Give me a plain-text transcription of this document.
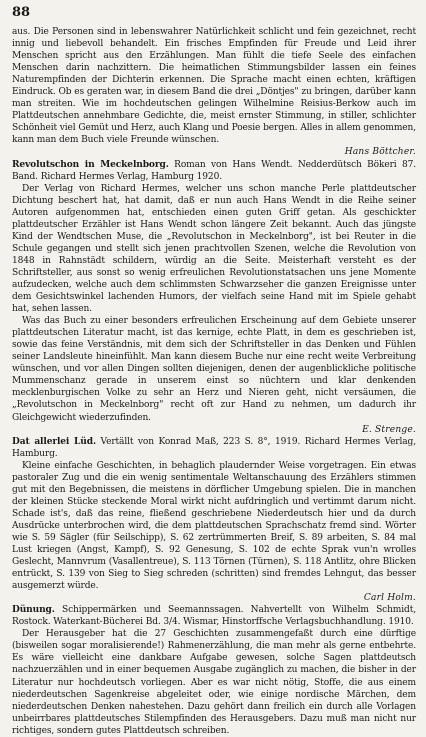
88

aus. Die Personen sind in lebenswahrer Natürlichkeit schlicht und fein gezeichnet, recht innig und liebevoll behandelt. Ein frisches Empfinden für Freude und Leid ihrer Menschen spricht aus den Erzählungen. Man fühlt die tiefe Seele des einfachen Menschen darin nachzittern. Die heimatlichen Stimmungsbilder lassen ein feines Naturempfinden der Dichterin erkennen. Die Sprache macht einen echten, kräftigen Eindruck. Ob es geraten war, in diesem Band die drei „Döntjes" zu bringen, darüber kann man streiten. Wie im hochdeutschen gelingen Wilhelmine Reisius-Berkow auch im Plattdeutschen annehmbare Gedichte, die, meist ernster Stimmung, in stiller, schlichter Schönheit viel Gemüt und Herz, auch Klang und Poesie bergen. Alles in allem genommen, kann man dem Buch viele Freunde wünschen.

Hans Böttcher.

Revolutschon in Meckelnborg. Roman von Hans Wendt. Nedderdütsch Bökeri 87. Band. Richard Hermes Verlag, Hamburg 1920.

Der Verlag von Richard Hermes, welcher uns schon manche Perle plattdeutscher Dichtung beschert hat, hat damit, daß er nun auch Hans Wendt in die Reihe seiner Autoren aufgenommen hat, entschieden einen guten Griff getan. Als geschickter plattdeutscher Erzähler ist Hans Wendt schon längere Zeit bekannt. Auch das jüngste Kind der Wendtschen Muse, die „Revolutschon in Meckelnborg", ist bei Reuter in die Schule gegangen und stellt sich jenen prachtvollen Szenen, welche die Revolution von 1848 in Rahnstädt schildern, würdig an die Seite. Meisterhaft versteht es der Schriftsteller, aus sonst so wenig erfreulichen Revolutionstatsachen uns jene Momente aufzudecken, welche auch dem schlimmsten Schwarzseher die ganzen Ereignisse unter dem Gesichtswinkel lachenden Humors, der vielfach seine Hand mit im Spiele gehabt hat, sehen lassen.

Was das Buch zu einer besonders erfreulichen Erscheinung auf dem Gebiete unserer plattdeutschen Literatur macht, ist das kernige, echte Platt, in dem es geschrieben ist, sowie das feine Verständnis, mit dem sich der Schriftsteller in das Denken und Fühlen seiner Landsleute hineinfühlt. Man kann diesem Buche nur eine recht weite Verbreitung wünschen, und vor allen Dingen sollten diejenigen, denen der augenblickliche politische Mummenschanz gerade in unserem einst so nüchtern und klar denkenden mecklenburgischen Volke zu sehr an Herz und Nieren geht, nicht versäumen, die „Revolutschon in Meckelnborg" recht oft zur Hand zu nehmen, um dadurch ihr Gleichgewicht wiederzufinden.

E. Strenge.

Dat allerlei Lüd. Vertällt von Konrad Maß, 223 S. 8°, 1919. Richard Hermes Verlag, Hamburg.

Kleine einfache Geschichten, in behaglich plaudernder Weise vorgetragen. Ein etwas pastoraler Zug und die ein wenig sentimentale Weltanschauung des Erzählers stimmen gut mit den Begebnissen, die meistens in dörflicher Umgebung spielen. Die in manchen der kleinen Stücke steckende Moral wirkt nicht aufdringlich und vertimmt darum nicht. Schade ist's, daß das reine, fließend geschriebene Niederdeutsch hier und da durch Ausdrücke unterbrochen wird, die dem plattdeutschen Sprachschatz fremd sind. Wörter wie S. 59 Sägler (für Seilschipp), S. 62 zertrümmerten Breif, S. 89 arbeiten, S. 84 mal Lust kriegen (Angst, Kampf), S. 92 Genesung, S. 102 de echte Sprak vun'n wrolles Geslecht, Mannvrum (Vasallentreue), S. 113 Törnen (Türnen), S. 118 Antlitz, ohre Blicken entrückt, S. 139 von Sieg to Sieg schreden (schritten) sind fremdes Lehngut, das besser ausgemerzt würde.

Carl Holm.

Dünung. Schippermärken und Seemannssagen. Nahvertellt von Wilhelm Schmidt, Rostock. Waterkant-Bücherei Bd. 3/4. Wismar, Hinstorffsche Verlagsbuchhandlung. 1910.

Der Herausgeber hat die 27 Geschichten zusammengefaßt durch eine dürftige (bisweilen sogar moralisierende!) Rahmenerzählung, die man mehr als gerne entbehrte. Es wäre vielleicht eine dankbare Aufgabe gewesen, solche Sagen plattdeutsch nachzuerzählen und in einer bequemen Ausgabe zugänglich zu machen, die bisher in der Literatur nur hochdeutsch vorliegen. Aber es war nicht nötig, Stoffe, die aus einem niederdeutschen Sagenkreise abgeleitet oder, wie einige nordische Märchen, dem niederdeutschen Denken nahestehen. Dazu gehört dann freilich ein durch alle Vorlagen unbeirrbares plattdeutsches Stilempfinden des Herausgebers. Dazu muß man nicht nur richtiges, sondern gutes Plattdeutsch schreiben.
